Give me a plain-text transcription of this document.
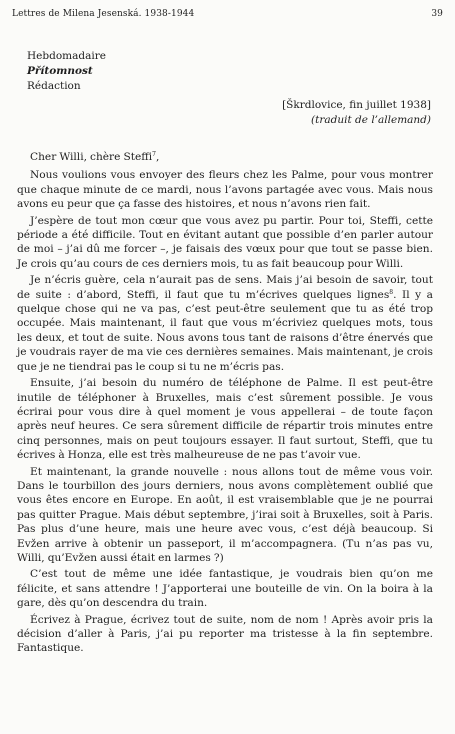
Lettres de Milena Jesenská. 1938-1944	39
Hebdomadaire
Přítomnost
Rédaction
[Škrdlovice, fin juillet 1938]
(traduit de l’allemand)

Cher Willi, chère Steffi$^7$,

Nous voulions vous envoyer des fleurs chez les Palme, pour vous montrer que chaque minute de ce mardi, nous l’avons partagée avec vous. Mais nous avons eu peur que ça fasse des histoires, et nous n’avons rien fait.

J’espère de tout mon cœur que vous avez pu partir. Pour toi, Steffi, cette période a été difficile. Tout en évitant autant que possible d’en parler autour de moi – j’ai dû me forcer –, je faisais des vœux pour que tout se passe bien. Je crois qu’au cours de ces derniers mois, tu as fait beaucoup pour Willi.

Je n’écris guère, cela n’aurait pas de sens. Mais j’ai besoin de savoir, tout de suite : d’abord, Steffi, il faut que tu m’écrives quelques lignes$^8$. Il y a quelque chose qui ne va pas, c’est peut-être seulement que tu as été trop occupée. Mais maintenant, il faut que vous m’écriviez quelques mots, tous les deux, et tout de suite. Nous avons tous tant de raisons d’être énervés que je voudrais rayer de ma vie ces dernières semaines. Mais maintenant, je crois que je ne tiendrai pas le coup si tu ne m’écris pas.

Ensuite, j’ai besoin du numéro de téléphone de Palme. Il est peut-être inutile de téléphoner à Bruxelles, mais c’est sûrement possible. Je vous écrirai pour vous dire à quel moment je vous appellerai – de toute façon après neuf heures. Ce sera sûrement difficile de répartir trois minutes entre cinq personnes, mais on peut toujours essayer. Il faut surtout, Steffi, que tu écrives à Honza, elle est très malheureuse de ne pas t’avoir vue.

Et maintenant, la grande nouvelle : nous allons tout de même vous voir. Dans le tourbillon des jours derniers, nous avons complètement oublié que vous êtes encore en Europe. En août, il est vraisemblable que je ne pourrai pas quitter Prague. Mais début septembre, j’irai soit à Bruxelles, soit à Paris. Pas plus d’une heure, mais une heure avec vous, c’est déjà beaucoup. Si Evžen arrive à obtenir un passeport, il m’accompagnera. (Tu n’as pas vu, Willi, qu’Evžen aussi était en larmes ?)

C’est tout de même une idée fantastique, je voudrais bien qu’on me félicite, et sans attendre ! J’apporterai une bouteille de vin. On la boira à la gare, dès qu’on descendra du train.

Écrivez à Prague, écrivez tout de suite, nom de nom ! Après avoir pris la décision d’aller à Paris, j’ai pu reporter ma tristesse à la fin septembre. Fantastique.
